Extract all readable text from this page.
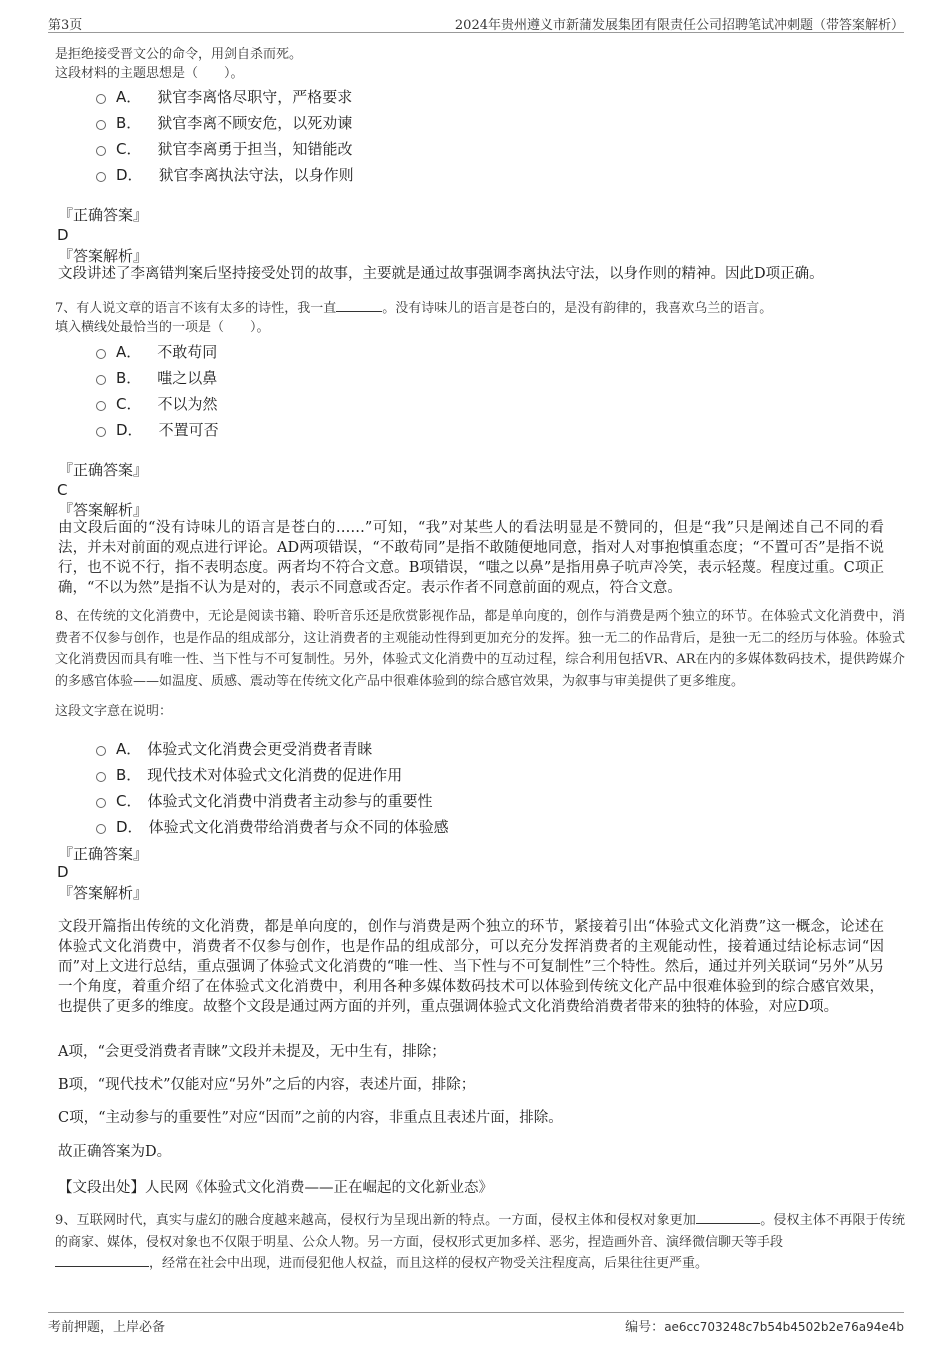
第3页	2024年贵州遵义市新蒲发展集团有限责任公司招聘笔试冲刺题（带答案解析）
是拒绝接受晋文公的命令，用剑自杀而死。
这段材料的主题思想是（　　）。
A． 狱官李离恪尽职守，严格要求
B． 狱官李离不顾安危，以死劝谏
C． 狱官李离勇于担当，知错能改
D． 狱官李离执法守法，以身作则
『正确答案』
D
『答案解析』
文段讲述了李离错判案后坚持接受处罚的故事，主要就是通过故事强调李离执法守法，以身作则的精神。因此D项正确。
7、有人说文章的语言不该有太多的诗性，我一直	。没有诗味儿的语言是苍白的，是没有韵律的，我喜欢乌兰的语言。
填入横线处最恰当的一项是（　　）。
A． 不敢苟同
B． 嗤之以鼻
C． 不以为然
D． 不置可否
『正确答案』
C
『答案解析』
由文段后面的“没有诗味儿的语言是苍白的……”可知，“我”对某些人的看法明显是不赞同的，但是“我”只是阐述自己不同的看法，并未对前面的观点进行评论。AD两项错误，“不敢苟同”是指不敢随便地同意，指对人对事抱慎重态度；“不置可否”是指不说行，也不说不行，指不表明态度。两者均不符合文意。B项错误，“嗤之以鼻”是指用鼻子吭声冷笑，表示轻蔑。程度过重。C项正确，“不以为然”是指不认为是对的，表示不同意或否定。表示作者不同意前面的观点，符合文意。
8、在传统的文化消费中，无论是阅读书籍、聆听音乐还是欣赏影视作品，都是单向度的，创作与消费是两个独立的环节。在体验式文化消费中，消费者不仅参与创作，也是作品的组成部分，这让消费者的主观能动性得到更加充分的发挥。独一无二的作品背后，是独一无二的经历与体验。体验式文化消费因而具有唯一性、当下性与不可复制性。另外，体验式文化消费中的互动过程，综合利用包括VR、AR在内的多媒体数码技术，提供跨媒介的多感官体验——如温度、质感、震动等在传统文化产品中很难体验到的综合感官效果，为叙事与审美提供了更多维度。
这段文字意在说明：
A． 体验式文化消费会更受消费者青睐
B． 现代技术对体验式文化消费的促进作用
C． 体验式文化消费中消费者主动参与的重要性
D． 体验式文化消费带给消费者与众不同的体验感
『正确答案』
D
『答案解析』
文段开篇指出传统的文化消费，都是单向度的，创作与消费是两个独立的环节，紧接着引出“体验式文化消费”这一概念，论述在体验式文化消费中，消费者不仅参与创作，也是作品的组成部分，可以充分发挥消费者的主观能动性，接着通过结论标志词“因而”对上文进行总结，重点强调了体验式文化消费的“唯一性、当下性与不可复制性”三个特性。然后，通过并列关联词“另外”从另一个角度，着重介绍了在体验式文化消费中，利用各种多媒体数码技术可以体验到传统文化产品中很难体验到的综合感官效果，也提供了更多的维度。故整个文段是通过两方面的并列，重点强调体验式文化消费给消费者带来的独特的体验，对应D项。
A项，“会更受消费者青睐”文段并未提及，无中生有，排除；
B项，“现代技术”仅能对应“另外”之后的内容，表述片面，排除；
C项，“主动参与的重要性”对应“因而”之前的内容，非重点且表述片面，排除。
故正确答案为D。
【文段出处】人民网《体验式文化消费——正在崛起的文化新业态》
9、互联网时代，真实与虚幻的融合度越来越高，侵权行为呈现出新的特点。一方面，侵权主体和侵权对象更加	。侵权主体不再限于传统的商家、媒体，侵权对象也不仅限于明星、公众人物。另一方面，侵权形式更加多样、恶劣，捏造画外音、演绎微信聊天等手段
，经常在社会中出现，进而侵犯他人权益，而且这样的侵权产物受关注程度高，后果往往更严重。
考前押题，上岸必备	编号：ae6cc703248c7b54b4502b2e76a94e4b
